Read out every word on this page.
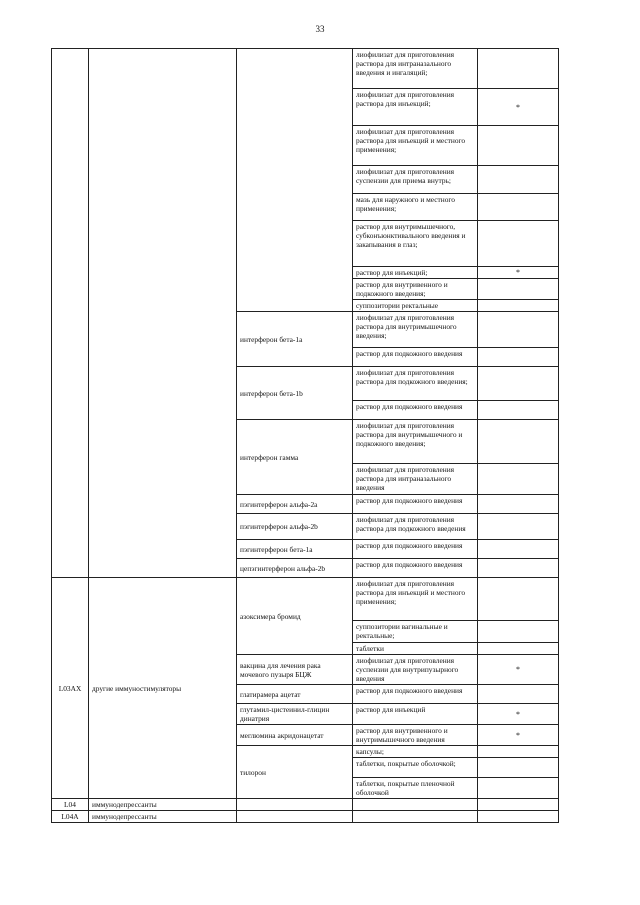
33
			лиофилизат для приготовления раствора для интраназального введения и ингаляций;	
			лиофилизат для приготовления раствора для инъекций;	*
			лиофилизат для приготовления раствора для инъекций и местного применения;	
			лиофилизат для приготовления суспензии для приема внутрь;	
			мазь для наружного и местного применения;	
			раствор для внутримышечного, субконъюнктивального введения и закапывания в глаз;	
			раствор для инъекций;	*
			раствор для внутривенного и подкожного введения;	
			суппозитории ректальные	
		интерферон бета-1a	лиофилизат для приготовления раствора для внутримышечного введения;	
			раствор для подкожного введения	
		интерферон бета-1b	лиофилизат для приготовления раствора для подкожного введения;	
			раствор для подкожного введения	
		интерферон гамма	лиофилизат для приготовления раствора для внутримышечного и подкожного введения;	
			лиофилизат для приготовления раствора для интраназального введения	
		пэгинтерферон альфа-2a	раствор для подкожного введения	
		пэгинтерферон альфа-2b	лиофилизат для приготовления раствора для подкожного введения	
		пэгинтерферон бета-1a	раствор для подкожного введения	
		цепэгинтерферон альфа-2b	раствор для подкожного введения	
L03AX	другие иммуностимуляторы	азоксимера бромид	лиофилизат для приготовления раствора для инъекций и местного применения;	
			суппозитории вагинальные и ректальные;	
			таблетки	
		вакцина для лечения рака мочевого пузыря БЦЖ	лиофилизат для приготовления суспензии для внутрипузырного введения	*
		глатирамера ацетат	раствор для подкожного введения	
		глутамил-цистеинил-глицин динатрия	раствор для инъекций	*
		меглюмина акридонацетат	раствор для внутривенного и внутримышечного введения	*
		тилорон	капсулы;	
			таблетки, покрытые оболочкой;	
			таблетки, покрытые пленочной оболочкой	
L04	иммунодепрессанты			
L04A	иммунодепрессанты			
